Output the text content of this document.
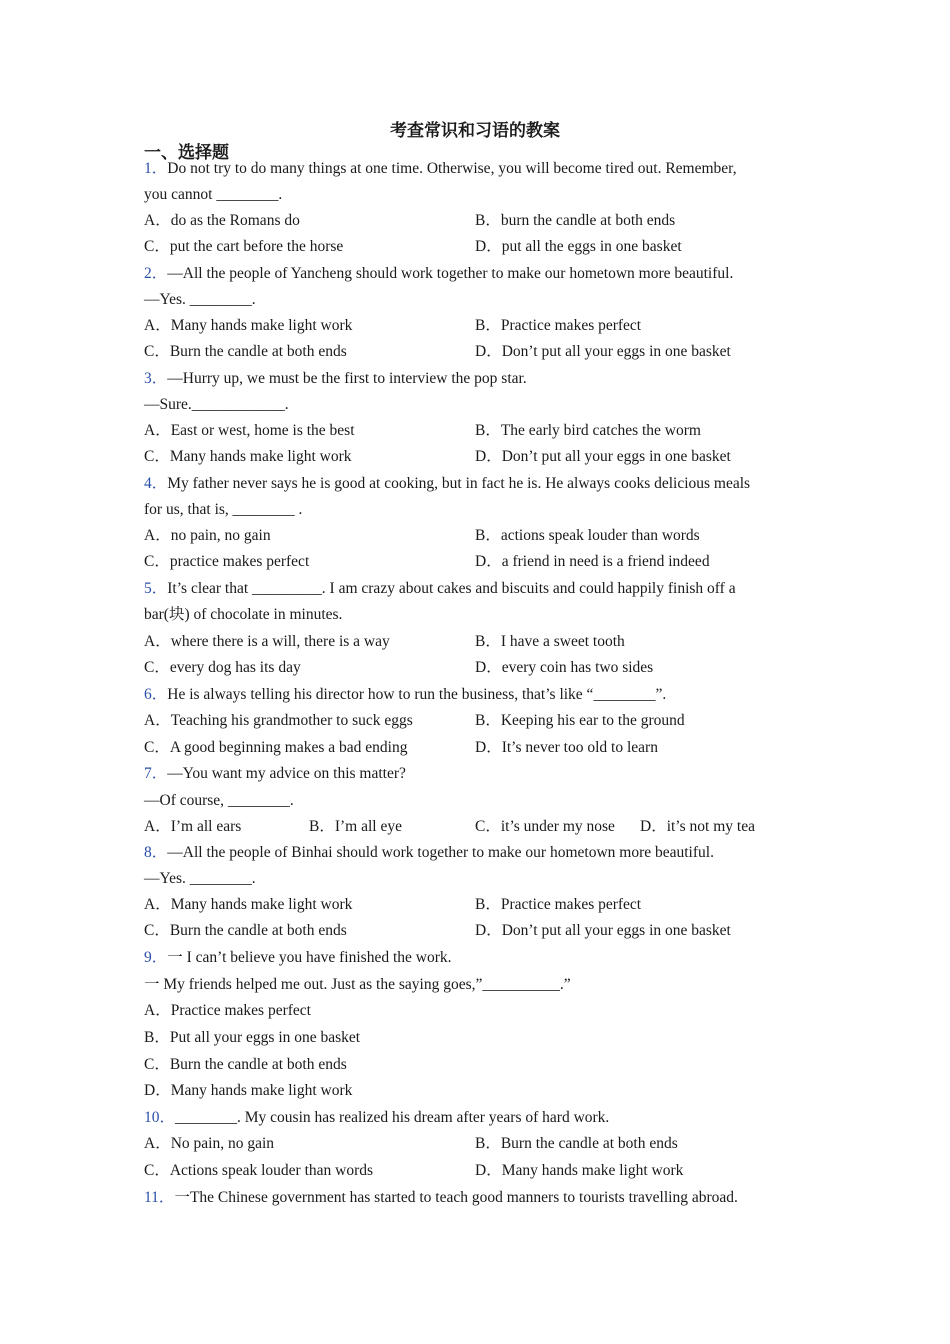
考查常识和习语的教案
一、选择题
1．Do not try to do many things at one time. Otherwise, you will become tired out. Remember,
you cannot ________.
A．do as the Romans do	B．burn the candle at both ends
C．put the cart before the horse	D．put all the eggs in one basket
2．—All the people of Yancheng should work together to make our hometown more beautiful.
—Yes. ________.
A．Many hands make light work	B．Practice makes perfect
C．Burn the candle at both ends	D．Don’t put all your eggs in one basket
3．—Hurry up, we must be the first to interview the pop star.
—Sure.____________.
A．East or west, home is the best	B．The early bird catches the worm
C．Many hands make light work	D．Don’t put all your eggs in one basket
4．My father never says he is good at cooking, but in fact he is. He always cooks delicious meals
for us, that is, ________ .
A．no pain, no gain	B．actions speak louder than words
C．practice makes perfect	D．a friend in need is a friend indeed
5．It’s clear that _________. I am crazy about cakes and biscuits and could happily finish off a
bar(块) of chocolate in minutes.
A．where there is a will, there is a way	B．I have a sweet tooth
C．every dog has its day	D．every coin has two sides
6．He is always telling his director how to run the business, that’s like “________”.
A．Teaching his grandmother to suck eggs	B．Keeping his ear to the ground
C．A good beginning makes a bad ending	D．It’s never too old to learn
7．—You want my advice on this matter?
—Of course, ________.
A．I’m all ears	B．I’m all eye	C．it’s under my nose D．it’s not my tea
8．—All the people of Binhai should work together to make our hometown more beautiful.
—Yes. ________.
A．Many hands make light work	B．Practice makes perfect
C．Burn the candle at both ends	D．Don’t put all your eggs in one basket
9．一 I can’t believe you have finished the work.
一 My friends helped me out. Just as the saying goes,”__________.”
A．Practice makes perfect
B．Put all your eggs in one basket
C．Burn the candle at both ends
D．Many hands make light work
10．________. My cousin has realized his dream after years of hard work.
A．No pain, no gain	B．Burn the candle at both ends
C．Actions speak louder than words	D．Many hands make light work
11．一The Chinese government has started to teach good manners to tourists travelling abroad.
